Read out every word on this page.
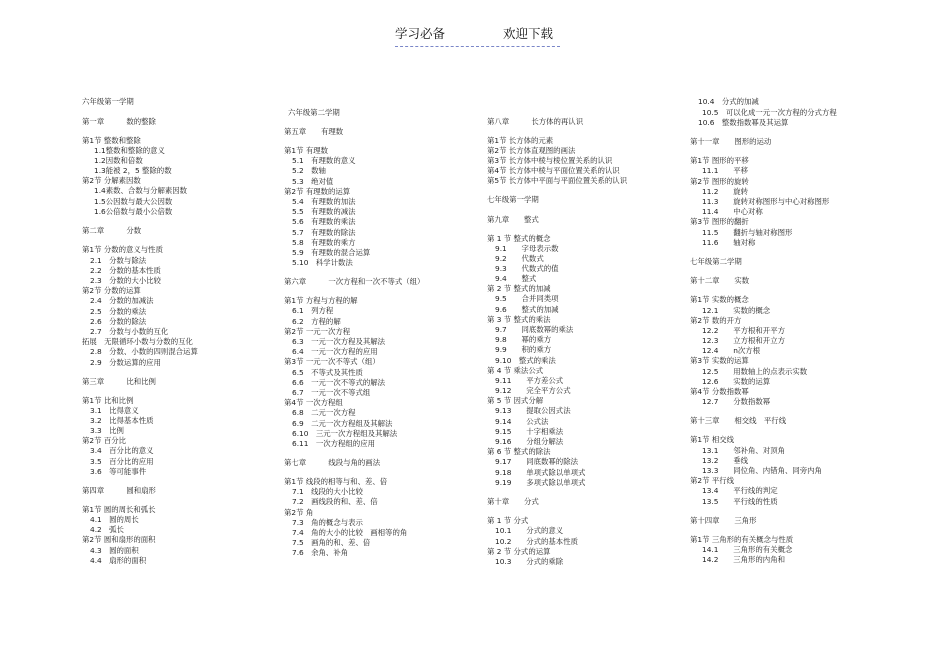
学习必备	欢迎下载
六年级第一学期
第一章　　　数的整除
第1节 整数和整除
1.1整数和整除的意义
1.2因数和倍数
1.3能被 2，5 整除的数
第2节 分解素因数
1.4素数、合数与分解素因数
1.5公因数与最大公因数
1.6公倍数与最小公倍数
第二章　　　分数
第1节 分数的意义与性质
2.1　分数与除法
2.2　分数的基本性质
2.3　分数的大小比较
第2节 分数的运算
2.4　分数的加减法
2.5　分数的乘法
2.6　分数的除法
2.7　分数与小数的互化
拓展　无限循环小数与分数的互化
2.8　分数、小数的四则混合运算
2.9　分数运算的应用
第三章　　　比和比例
第1节 比和比例
3.1　比得意义
3.2　比得基本性质
3.3　比例
第2节 百分比
3.4　百分比的意义
3.5　百分比的应用
3.6　等可能事件
第四章　　　圆和扇形
第1节 圆的周长和弧长
4.1　圆的周长
4.2　弧长
第2节 圆和扇形的面积
4.3　圆的面积
4.4　扇形的面积
六年级第二学期
第五章　　有理数
第1节 有理数
5.1　有理数的意义
5.2　数轴
5.3　绝对值
第2节 有理数的运算
5.4　有理数的加法
5.5　有理数的减法
5.6　有理数的乘法
5.7　有理数的除法
5.8　有理数的乘方
5.9　有理数的混合运算
5.10　科学计数法
第六章　　　一次方程和一次不等式（组）
第1节 方程与方程的解
6.1　列方程
6.2　方程的解
第2节 一元一次方程
6.3　一元一次方程及其解法
6.4　一元一次方程的应用
第3节 一元一次不等式（组）
6.5　不等式及其性质
6.6　一元一次不等式的解法
6.7　一元一次不等式组
第4节 一次方程组
6.8　二元一次方程
6.9　二元一次方程组及其解法
6.10　三元一次方程组及其解法
6.11　一次方程组的应用
第七章　　　线段与角的画法
第1节 线段的相等与和、差、倍
7.1　线段的大小比较
7.2　画线段的和、差、倍
第2节 角
7.3　角的概念与表示
7.4　角的大小的比较　画相等的角
7.5　画角的和、差、倍
7.6　余角、补角
第八章　　　长方体的再认识
第1节 长方体的元素
第2节 长方体直观图的画法
第3节 长方体中棱与棱位置关系的认识
第4节 长方体中棱与平面位置关系的认识
第5节 长方体中平面与平面位置关系的认识
七年级第一学期
第九章　　整式
第 1 节 整式的概念
9.1　　字母表示数
9.2　　代数式
9.3　　代数式的值
9.4　　整式
第 2 节 整式的加减
9.5　　合并同类项
9.6　　整式的加减
第 3 节 整式的乘法
9.7　　同底数幂的乘法
9.8　　幂的乘方
9.9　　积的乘方
9.10　整式的乘法
第 4 节 乘法公式
9.11　　平方差公式
9.12　　完全平方公式
第 5 节 因式分解
9.13　　提取公因式法
9.14　　公式法
9.15　　十字相乘法
9.16　　分组分解法
第 6 节 整式的除法
9.17　　同底数幂的除法
9.18　　单项式除以单项式
9.19　　多项式除以单项式
第十章　　分式
第 1 节 分式
10.1　　分式的意义
10.2　　分式的基本性质
第 2 节 分式的运算
10.3　　分式的乘除
10.4　分式的加减
10.5　可以化成一元一次方程的分式方程
10.6　整数指数幂及其运算
第十一章　　图形的运动
第1节 图形的平移
11.1　　平移
第2节 图形的旋转
11.2　　旋转
11.3　　旋转对称图形与中心对称图形
11.4　　中心对称
第3节 图形的翻折
11.5　　翻折与轴对称图形
11.6　　轴对称
七年级第二学期
第十二章　　实数
第1节 实数的概念
12.1　　实数的概念
第2节 数的开方
12.2　　平方根和开平方
12.3　　立方根和开立方
12.4　　n次方根
第3节 实数的运算
12.5　　用数轴上的点表示实数
12.6　　实数的运算
第4节 分数指数幂
12.7　　分数指数幂
第十三章　　相交线　平行线
第1节 相交线
13.1　　邻补角、对顶角
13.2　　垂线
13.3　　同位角、内错角、同旁内角
第2节 平行线
13.4　　平行线的判定
13.5　　平行线的性质
第十四章　　三角形
第1节 三角形的有关概念与性质
14.1　　三角形的有关概念
14.2　　三角形的内角和
